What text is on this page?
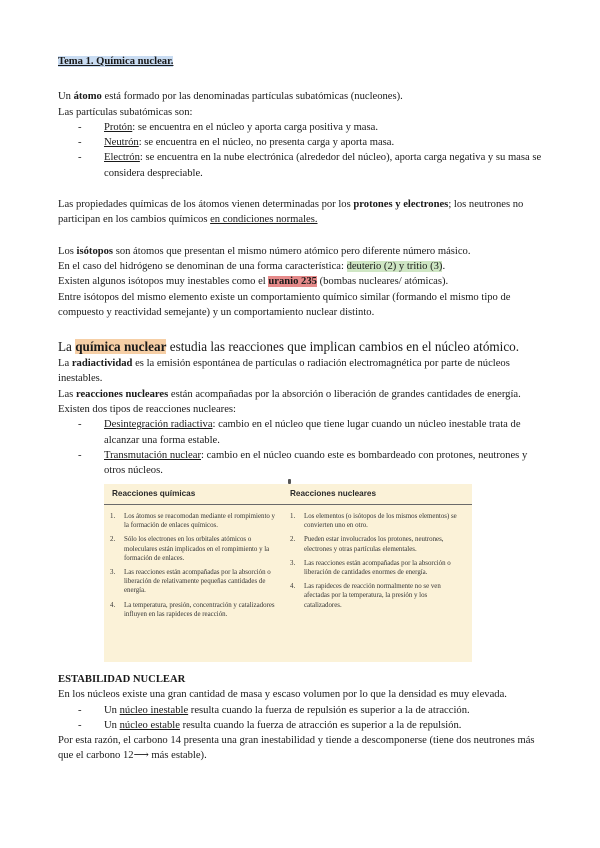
Tema 1. Química nuclear.

Un átomo está formado por las denominadas partículas subatómicas (nucleones).

Las partículas subatómicas son:

- Protón: se encuentra en el núcleo y aporta carga positiva y masa.
- Neutrón: se encuentra en el núcleo, no presenta carga y aporta masa.
- Electrón: se encuentra en la nube electrónica (alrededor del núcleo), aporta carga negativa y su masa se considera despreciable.

Las propiedades químicas de los átomos vienen determinadas por los protones y electrones; los neutrones no participan en los cambios químicos en condiciones normales.

Los isótopos son átomos que presentan el mismo número atómico pero diferente número másico.

En el caso del hidrógeno se denominan de una forma característica: deuterio (2) y tritio (3).

Existen algunos isótopos muy inestables como el uranio 235 (bombas nucleares/ atómicas).

Entre isótopos del mismo elemento existe un comportamiento químico similar (formando el mismo tipo de compuesto y reactividad semejante) y un comportamiento nuclear distinto.

La química nuclear estudia las reacciones que implican cambios en el núcleo atómico.

La radiactividad es la emisión espontánea de partículas o radiación electromagnética por parte de núcleos inestables.

Las reacciones nucleares están acompañadas por la absorción o liberación de grandes cantidades de energía.

Existen dos tipos de reacciones nucleares:

- Desintegración radiactiva: cambio en el núcleo que tiene lugar cuando un núcleo inestable trata de alcanzar una forma estable.
- Transmutación nuclear: cambio en el núcleo cuando este es bombardeado con protones, neutrones y otros núcleos.
Reacciones químicas	Reacciones nucleares
1. Los átomos se reacomodan mediante el rompimiento y la formación de enlaces químicos.
2. Sólo los electrones en los orbitales atómicos o moleculares están implicados en el rompimiento y la formación de enlaces.
3. Las reacciones están acompañadas por la absorción o liberación de relativamente pequeñas cantidades de energía.
4. La temperatura, presión, concentración y catalizadores influyen en las rapideces de reacción.
1. Los elementos (o isótopos de los mismos elementos) se convierten uno en otro.
2. Pueden estar involucrados los protones, neutrones, electrones y otras partículas elementales.
3. Las reacciones están acompañadas por la absorción o liberación de cantidades enormes de energía.
4. Las rapideces de reacción normalmente no se ven afectadas por la temperatura, la presión y los catalizadores.

ESTABILIDAD NUCLEAR

En los núcleos existe una gran cantidad de masa y escaso volumen por lo que la densidad es muy elevada.

- Un núcleo inestable resulta cuando la fuerza de repulsión es superior a la de atracción.
- Un núcleo estable resulta cuando la fuerza de atracción es superior a la de repulsión.

Por esta razón, el carbono 14 presenta una gran inestabilidad y tiende a descomponerse (tiene dos neutrones más que el carbono 12⟶ más estable).
